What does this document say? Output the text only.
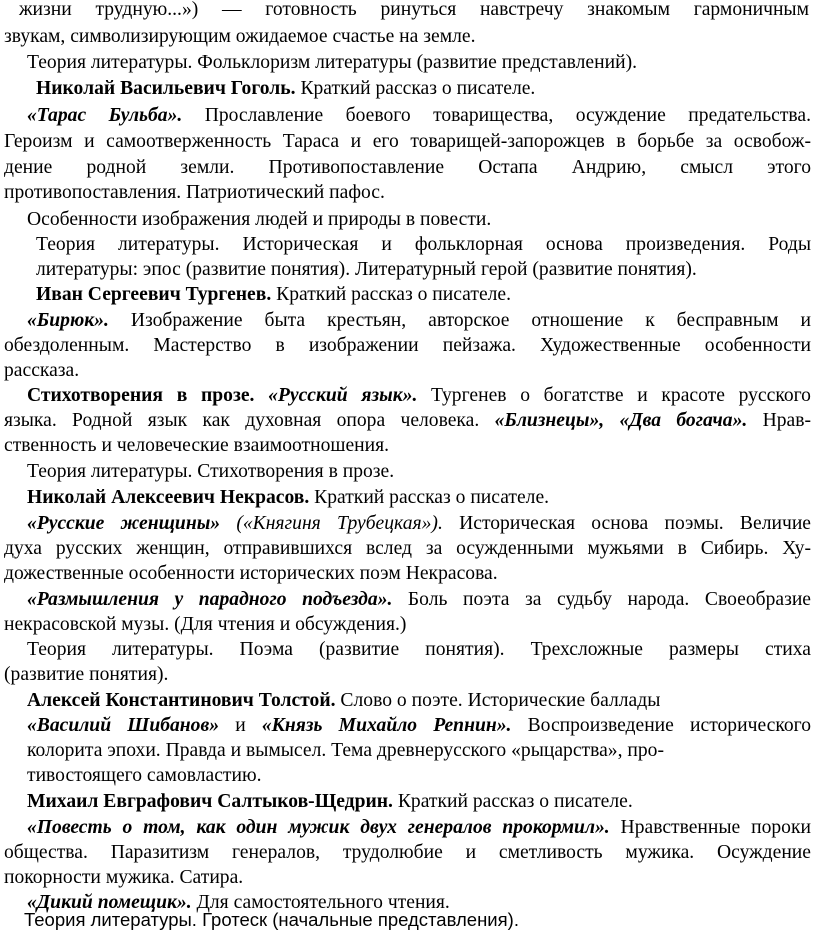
жизни трудную...») — готовность ринуться навстречу знакомым гармоничным
звукам, символизирующим ожидаемое счастье на земле.
Теория литературы. Фольклоризм литературы (развитие представлений).
Николай Васильевич Гоголь. Краткий рассказ о писателе.
«Тарас Бульба». Прославление боевого товарищества, осуждение предательства.
Героизм и самоотверженность Тараса и его товарищей-запорожцев в борьбе за освобож-
дение родной земли. Противопоставление Остапа Андрию, смысл этого
противопоставления. Патриотический пафос.
Особенности изображения людей и природы в повести.
Теория литературы. Историческая и фольклорная основа произведения. Роды
литературы: эпос (развитие понятия). Литературный герой (развитие понятия).
Иван Сергеевич Тургенев. Краткий рассказ о писателе.
«Бирюк». Изображение быта крестьян, авторское отношение к бесправным и
обездоленным. Мастерство в изображении пейзажа. Художественные особенности
рассказа.
Стихотворения в прозе. «Русский язык». Тургенев о богатстве и красоте русского
языка. Родной язык как духовная опора человека. «Близнецы», «Два богача». Нрав-
ственность и человеческие взаимоотношения.
Теория литературы. Стихотворения в прозе.
Николай Алексеевич Некрасов. Краткий рассказ о писателе.
«Русские женщины» («Княгиня Трубецкая»). Историческая основа поэмы. Величие
духа русских женщин, отправившихся вслед за осужденными мужьями в Сибирь. Ху-
дожественные особенности исторических поэм Некрасова.
«Размышления у парадного подъезда». Боль поэта за судьбу народа. Своеобразие
некрасовской музы. (Для чтения и обсуждения.)
Теория литературы. Поэма (развитие понятия). Трехсложные размеры стиха
(развитие понятия).
Алексей Константинович Толстой. Слово о поэте. Исторические баллады
«Василий Шибанов» и «Князь Михайло Репнин». Воспроизведение исторического
колорита эпохи. Правда и вымысел. Тема древнерусского «рыцарства», про-
тивостоящего самовластию.
Михаил Евграфович Салтыков-Щедрин. Краткий рассказ о писателе.
«Повесть о том, как один мужик двух генералов прокормил». Нравственные пороки
общества. Паразитизм генералов, трудолюбие и сметливость мужика. Осуждение
покорности мужика. Сатира.
«Дикий помещик». Для самостоятельного чтения.
Теория литературы. Гротеск (начальные представления).
